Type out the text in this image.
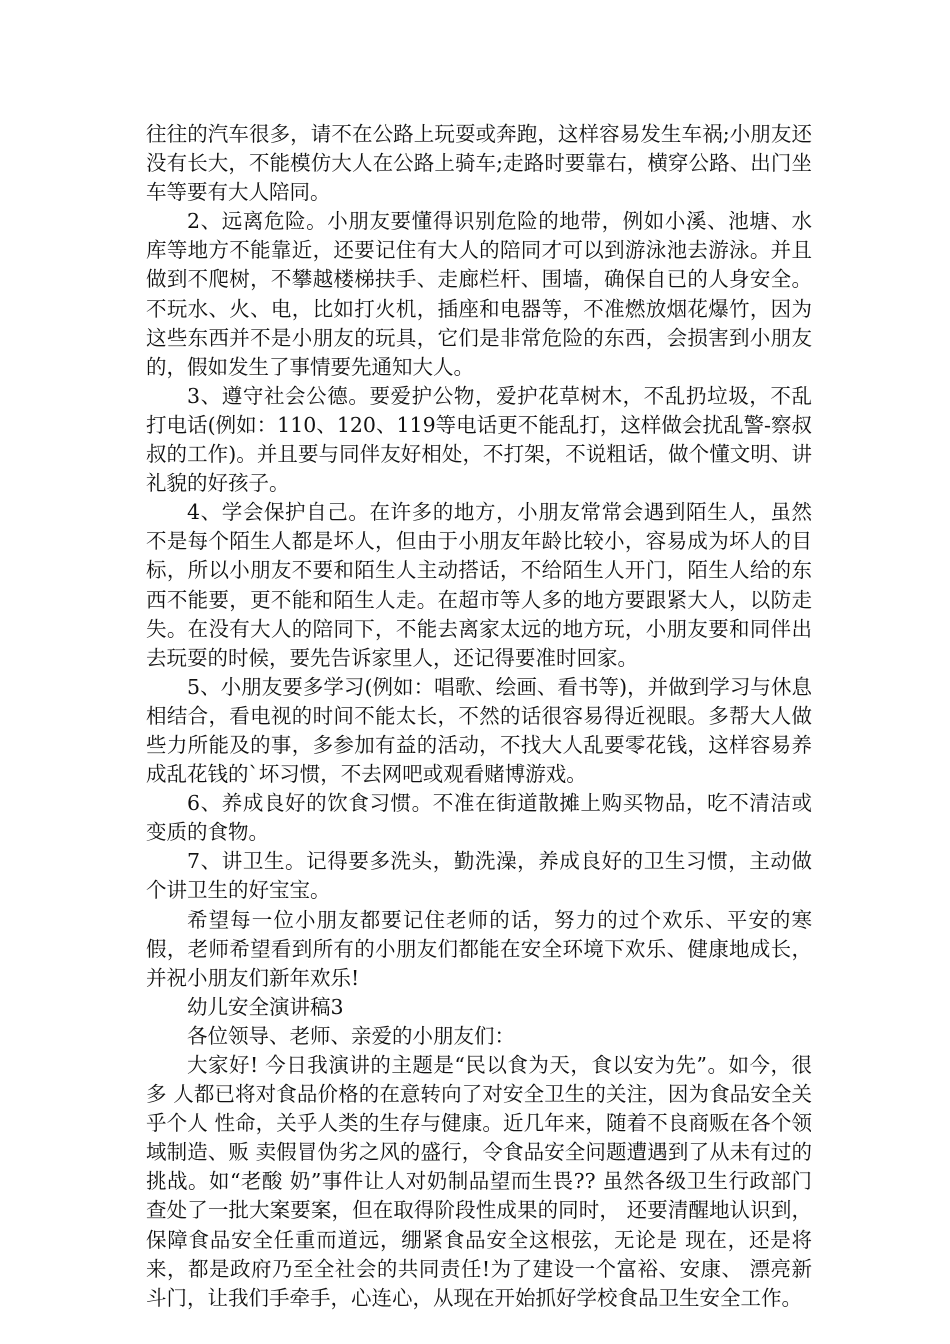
往往的汽车很多，请不在公路上玩耍或奔跑，这样容易发生车祸;小朋友还没有长大，不能模仿大人在公路上骑车;走路时要靠右，横穿公路、出门坐车等要有大人陪同。

2、远离危险。小朋友要懂得识别危险的地带，例如小溪、池塘、水库等地方不能靠近，还要记住有大人的陪同才可以到游泳池去游泳。并且做到不爬树，不攀越楼梯扶手、走廊栏杆、围墙，确保自已的人身安全。不玩水、火、电，比如打火机，插座和电器等，不准燃放烟花爆竹，因为这些东西并不是小朋友的玩具，它们是非常危险的东西，会损害到小朋友的，假如发生了事情要先通知大人。

3、遵守社会公德。要爱护公物，爱护花草树木，不乱扔垃圾，不乱打电话(例如：110、120、119等电话更不能乱打，这样做会扰乱警-察叔叔的工作)。并且要与同伴友好相处，不打架，不说粗话，做个懂文明、讲礼貌的好孩子。

4、学会保护自己。在许多的地方，小朋友常常会遇到陌生人，虽然不是每个陌生人都是坏人，但由于小朋友年龄比较小，容易成为坏人的目标，所以小朋友不要和陌生人主动搭话，不给陌生人开门，陌生人给的东西不能要，更不能和陌生人走。在超市等人多的地方要跟紧大人，以防走失。在没有大人的陪同下，不能去离家太远的地方玩，小朋友要和同伴出去玩耍的时候，要先告诉家里人，还记得要准时回家。

5、小朋友要多学习(例如：唱歌、绘画、看书等)，并做到学习与休息相结合，看电视的时间不能太长，不然的话很容易得近视眼。多帮大人做些力所能及的事，多参加有益的活动，不找大人乱要零花钱，这样容易养成乱花钱的`坏习惯，不去网吧或观看赌博游戏。

6、养成良好的饮食习惯。不准在街道散摊上购买物品，吃不清洁或变质的食物。

7、讲卫生。记得要多洗头，勤洗澡，养成良好的卫生习惯，主动做个讲卫生的好宝宝。

希望每一位小朋友都要记住老师的话，努力的过个欢乐、平安的寒假，老师希望看到所有的小朋友们都能在安全环境下欢乐、健康地成长，并祝小朋友们新年欢乐!

幼儿安全演讲稿3

各位领导、老师、亲爱的小朋友们：

大家好! 今日我演讲的主题是“民以食为天，食以安为先”。如今，很多 人都已将对食品价格的在意转向了对安全卫生的关注，因为食品安全关乎个人 性命，关乎人类的生存与健康。近几年来，随着不良商贩在各个领域制造、贩 卖假冒伪劣之风的盛行，令食品安全问题遭遇到了从未有过的挑战。如“老酸 奶”事件让人对奶制品望而生畏?? 虽然各级卫生行政部门查处了一批大案要案，但在取得阶段性成果的同时， 还要清醒地认识到，保障食品安全任重而道远，绷紧食品安全这根弦，无论是 现在，还是将来，都是政府乃至全社会的共同责任!为了建设一个富裕、安康、 漂亮新斗门，让我们手牵手，心连心，从现在开始抓好学校食品卫生安全工作。
